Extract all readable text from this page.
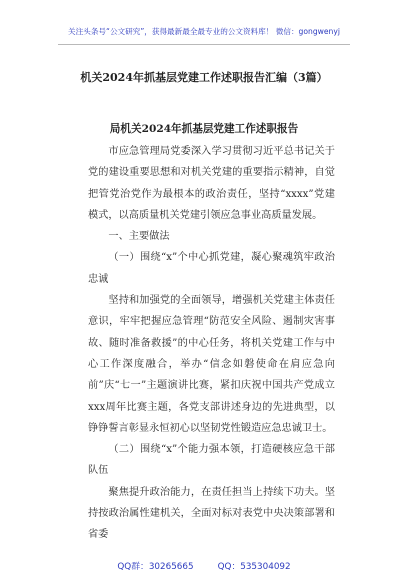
关注头条号“公文研究”，获得最新最全最专业的公文资料库！ 微信：gongwenyj
机关2024年抓基层党建工作述职报告汇编（3篇）
局机关2024年抓基层党建工作述职报告

市应急管理局党委深入学习贯彻习近平总书记关于党的建设重要思想和对机关党建的重要指示精神，自觉把管党治党作为最根本的政治责任，坚持“xxxx”党建模式，以高质量机关党建引领应急事业高质量发展。

一、主要做法

（一）围绕“x”个中心抓党建，凝心聚魂筑牢政治忠诚

坚持和加强党的全面领导，增强机关党建主体责任意识，牢牢把握应急管理“防范安全风险、遏制灾害事故、随时准备救援”的中心任务，将机关党建工作与中心工作深度融合，举办“信念如磐使命在肩应急向前”庆“七一”主题演讲比赛，紧扣庆祝中国共产党成立xxx周年比赛主题，各党支部讲述身边的先进典型，以铮铮誓言彰显永恒初心以坚韧党性锻造应急忠诚卫士。

（二）围绕“x”个能力强本领，打造硬核应急干部队伍

聚焦提升政治能力，在责任担当上持续下功夫。坚持按政治属性建机关，全面对标对表党中央决策部署和省委

QQ群：30265665	QQ：535304092
